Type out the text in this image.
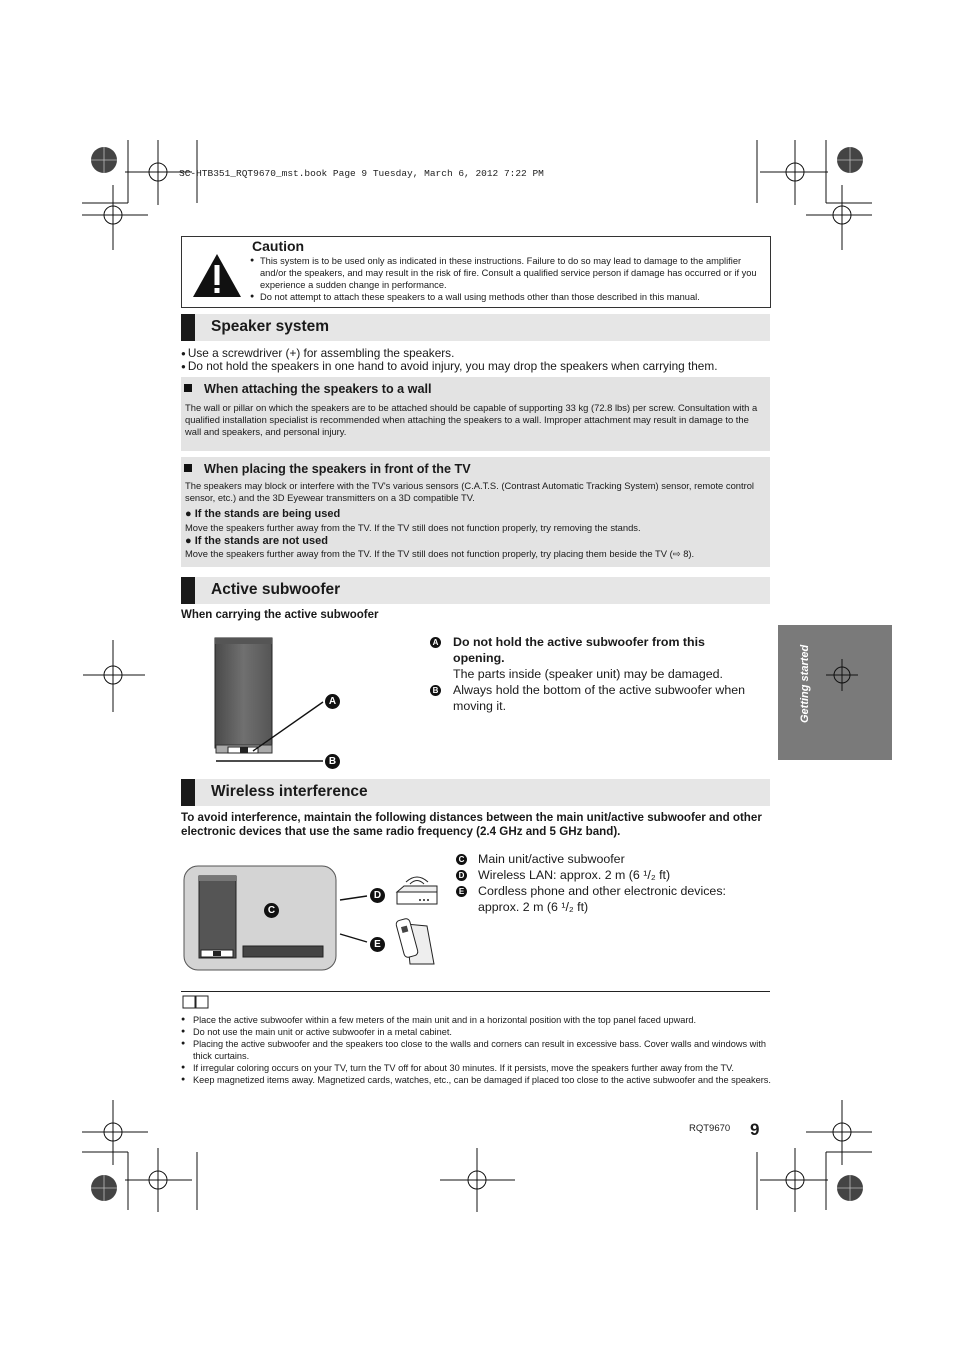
SC-HTB351_RQT9670_mst.book Page 9 Tuesday, March 6, 2012 7:22 PM
Caution
● This system is to be used only as indicated in these instructions. Failure to do so may lead to damage to the amplifier and/or the speakers, and may result in the risk of fire. Consult a qualified service person if damage has occurred or if you experience a sudden change in performance.
● Do not attempt to attach these speakers to a wall using methods other than those described in this manual.
Speaker system
● Use a screwdriver (+) for assembling the speakers.
● Do not hold the speakers in one hand to avoid injury, you may drop the speakers when carrying them.
When attaching the speakers to a wall
The wall or pillar on which the speakers are to be attached should be capable of supporting 33 kg (72.8 lbs) per screw. Consultation with a qualified installation specialist is recommended when attaching the speakers to a wall. Improper attachment may result in damage to the wall and speakers, and personal injury.
When placing the speakers in front of the TV
The speakers may block or interfere with the TV's various sensors (C.A.T.S. (Contrast Automatic Tracking System) sensor, remote control sensor, etc.) and the 3D Eyewear transmitters on a 3D compatible TV.
● If the stands are being used
Move the speakers further away from the TV. If the TV still does not function properly, try removing the stands.
● If the stands are not used
Move the speakers further away from the TV. If the TV still does not function properly, try placing them beside the TV (⇨ 8).
Active subwoofer
When carrying the active subwoofer
A
B
A	Do not hold the active subwoofer from this opening.
The parts inside (speaker unit) may be damaged.
B	Always hold the bottom of the active subwoofer when moving it.	Getting started
Wireless interference
To avoid interference, maintain the following distances between the main unit/active subwoofer and other electronic devices that use the same radio frequency (2.4 GHz and 5 GHz band).
C
D
E
C	Main unit/active subwoofer
D	Wireless LAN: approx. 2 m (6 ¹/₂ ft)
E	Cordless phone and other electronic devices:
approx. 2 m (6 ¹/₂ ft)
● Place the active subwoofer within a few meters of the main unit and in a horizontal position with the top panel faced upward.
● Do not use the main unit or active subwoofer in a metal cabinet.
● Placing the active subwoofer and the speakers too close to the walls and corners can result in excessive bass. Cover walls and windows with thick curtains.
● If irregular coloring occurs on your TV, turn the TV off for about 30 minutes. If it persists, move the speakers further away from the TV.
● Keep magnetized items away. Magnetized cards, watches, etc., can be damaged if placed too close to the active subwoofer and the speakers.
RQT9670 9
